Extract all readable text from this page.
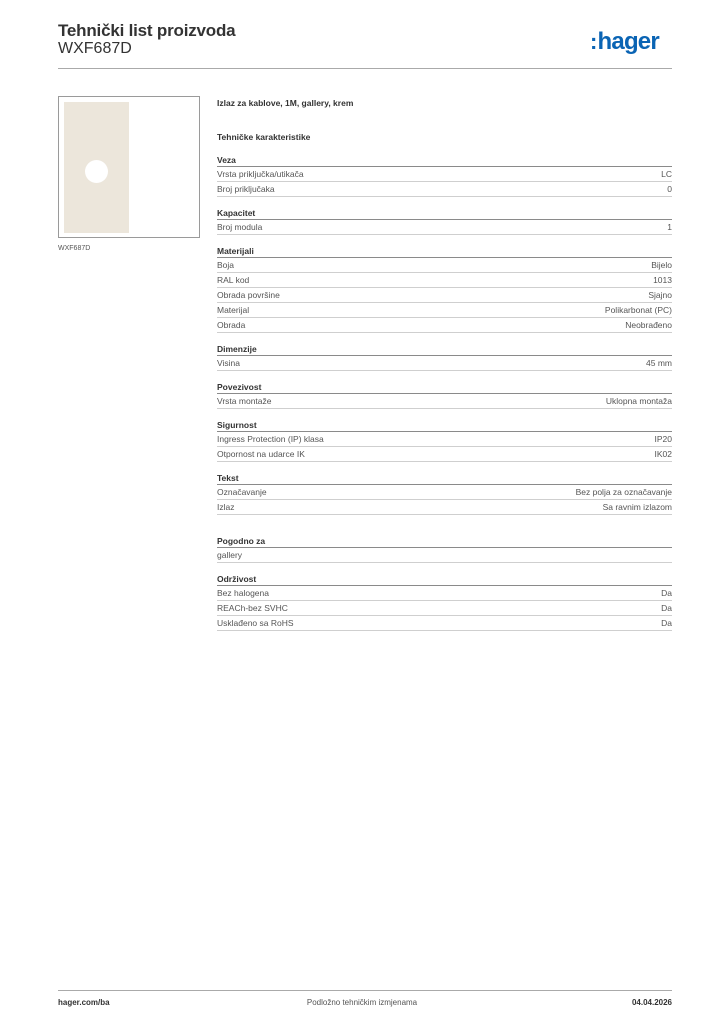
Tehnički list proizvoda
WXF687D	:hager
WXF687D
Izlaz za kablove, 1M, gallery, krem
Tehničke karakteristike
Veza
Vrsta priključka/utikača	LC
Broj priključaka	0
Kapacitet
Broj modula	1
Materijali
Boja	Bijelo
RAL kod	1013
Obrada površine	Sjajno
Materijal	Polikarbonat (PC)
Obrada	Neobrađeno
Dimenzije
Visina	45 mm
Povezivost
Vrsta montaže	Uklopna montaža
Sigurnost
Ingress Protection (IP) klasa	IP20
Otpornost na udarce IK	IK02
Tekst
Označavanje	Bez polja za označavanje
Izlaz	Sa ravnim izlazom
Pogodno za
gallery
Održivost
Bez halogena	Da
REACh-bez SVHC	Da
Usklađeno sa RoHS	Da
Podložno tehničkim izmjenama
hager.com/ba	04.04.2026
